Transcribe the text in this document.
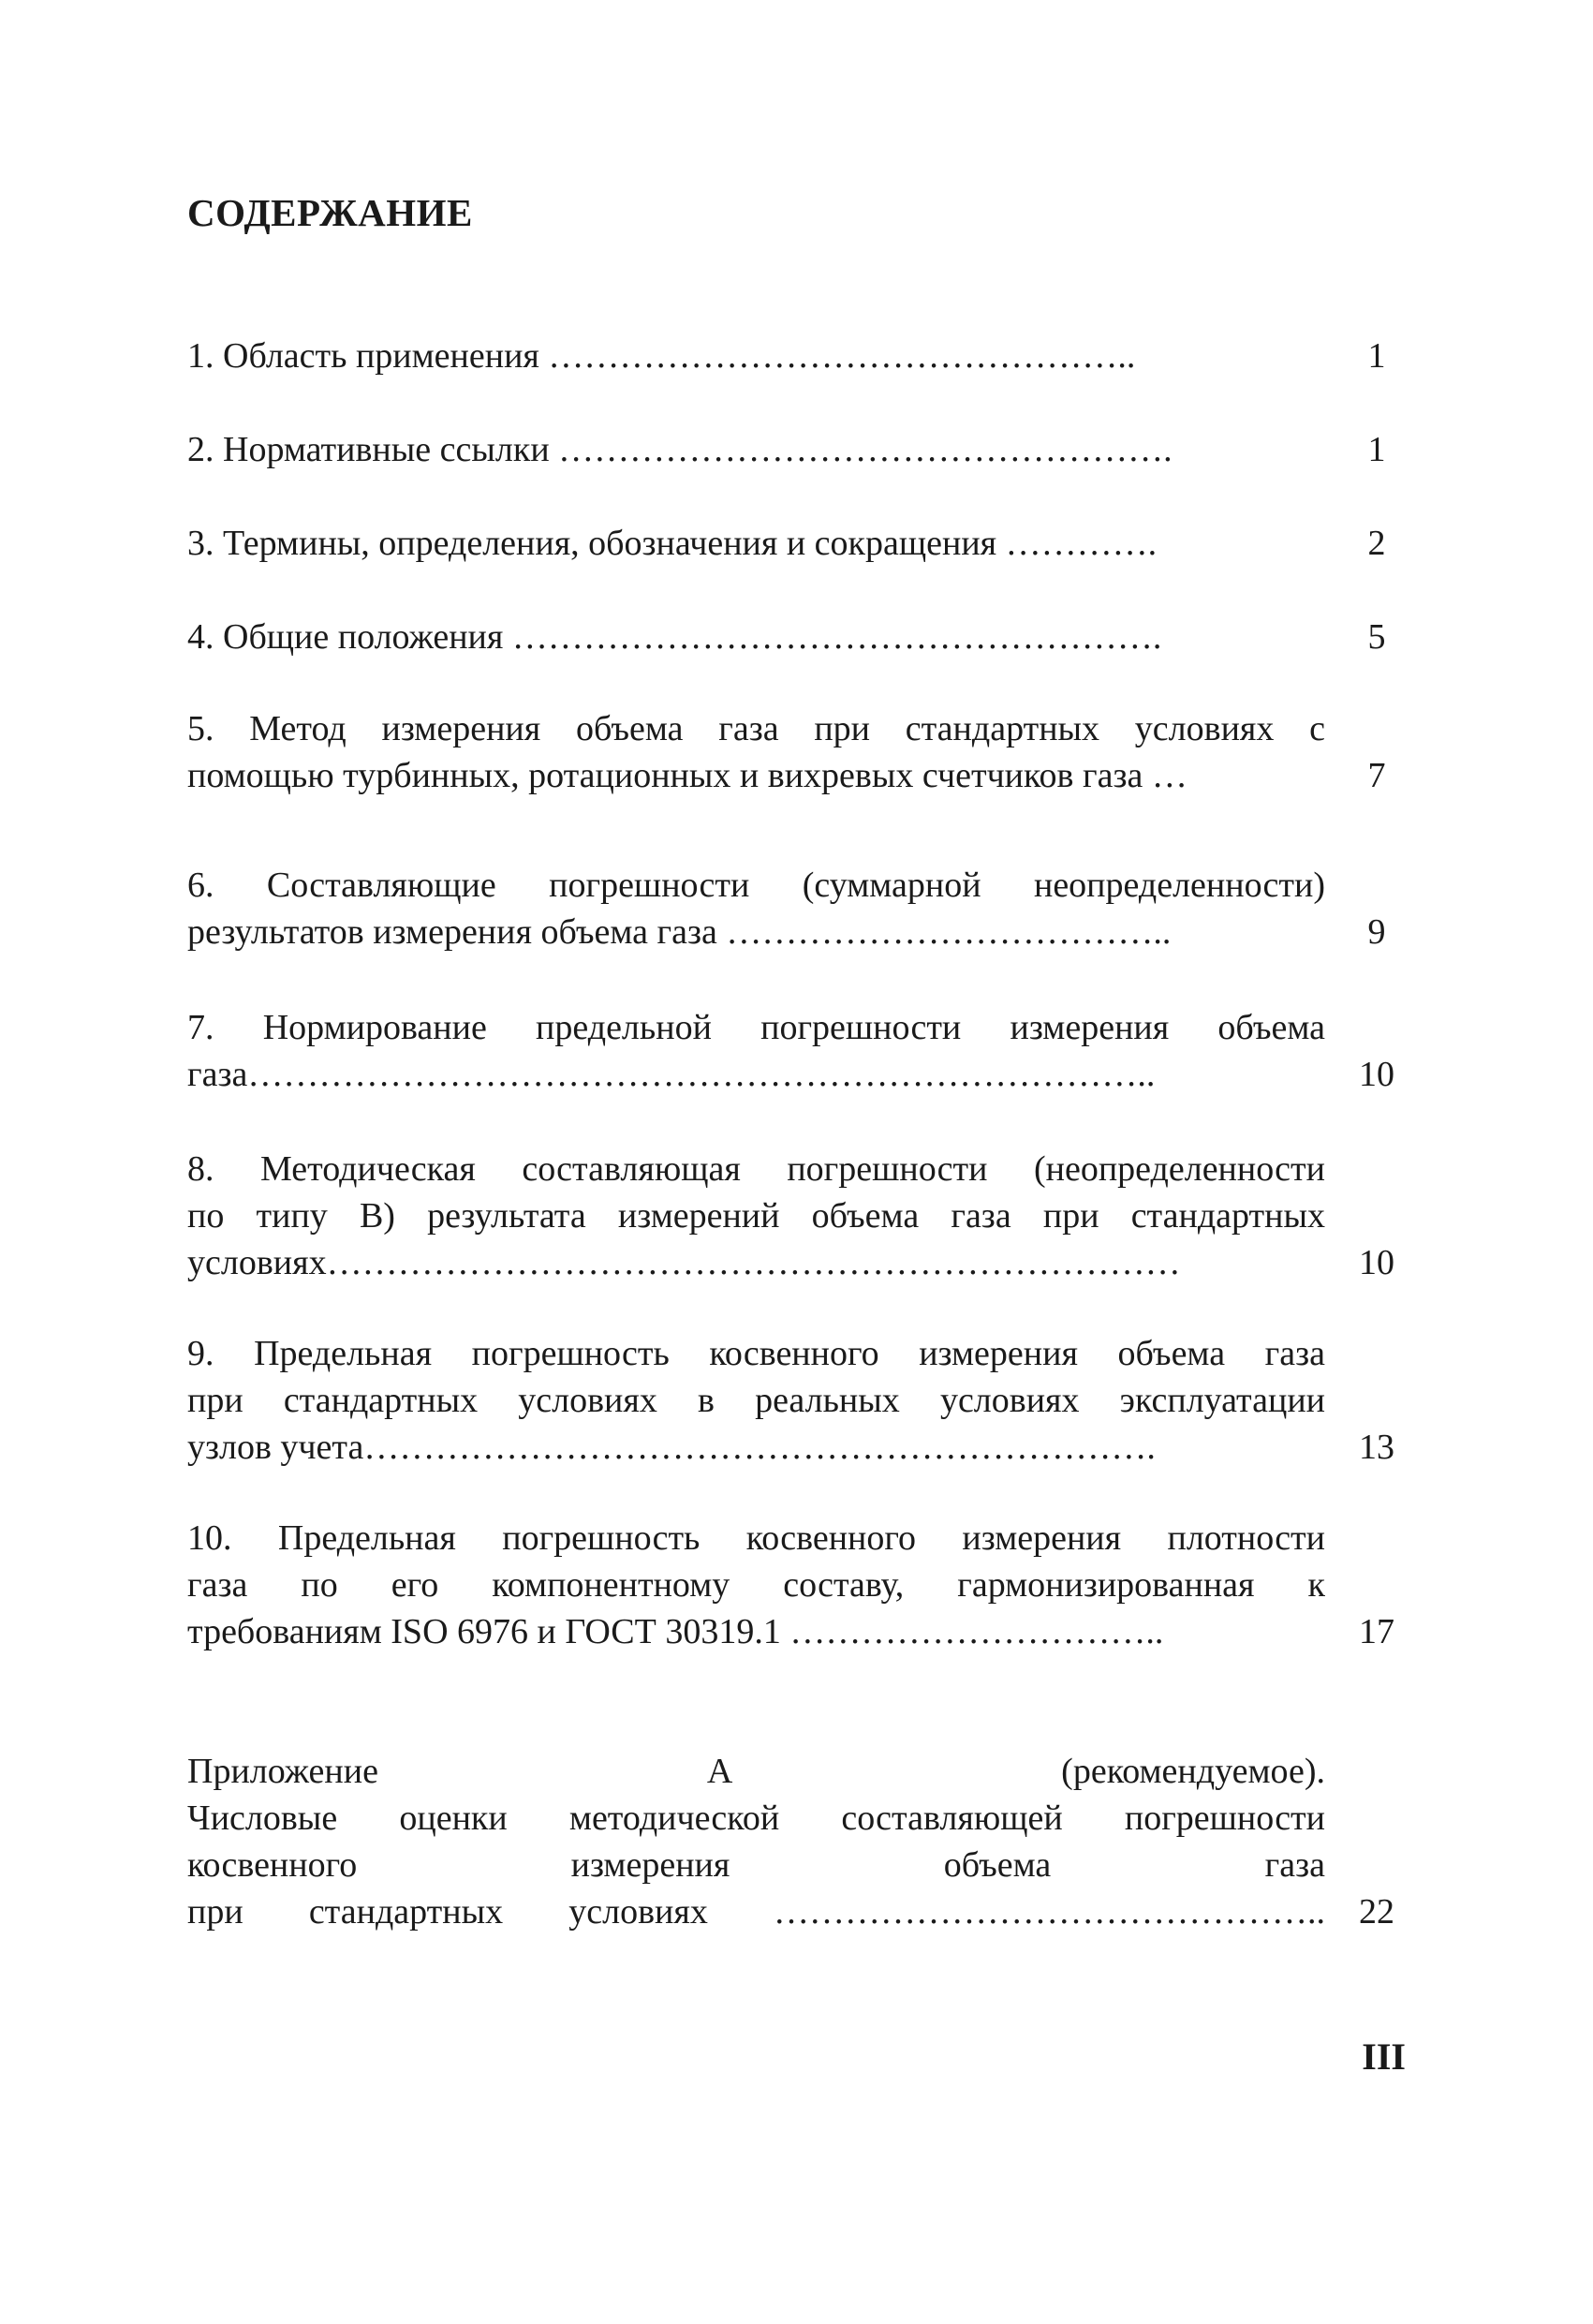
СОДЕРЖАНИЕ
1. Область применения …………………………………………..	1
2. Нормативные ссылки …………………………………………….	1
3. Термины, определения, обозначения и сокращения ………….	2
4. Общие положения ……………………………………………….	5
5. Метод измерения объема газа при стандартных условиях с
помощью турбинных, ротационных и вихревых счетчиков газа …	7
6. Составляющие погрешности (суммарной неопределенности)
результатов измерения объема газа ………………………………..	9
7. Нормирование предельной погрешности измерения объема
газа…………………………………………………………………..	10
8. Методическая составляющая погрешности (неопределенности
по типу В) результата измерений объема газа при стандартных
условиях………………………………………………………………	10
9. Предельная погрешность косвенного измерения объема газа
при стандартных условиях в реальных условиях эксплуатации
узлов учета………………………………………………………….	13
10. Предельная погрешность косвенного измерения плотности
газа по его компонентному составу, гармонизированная к
требованиям ISO 6976 и ГОСТ 30319.1 …………………………..	17
Приложение А (рекомендуемое).
Числовые оценки методической составляющей погрешности
косвенного измерения объема газа
при стандартных условиях ……………………………………….. 22
III
